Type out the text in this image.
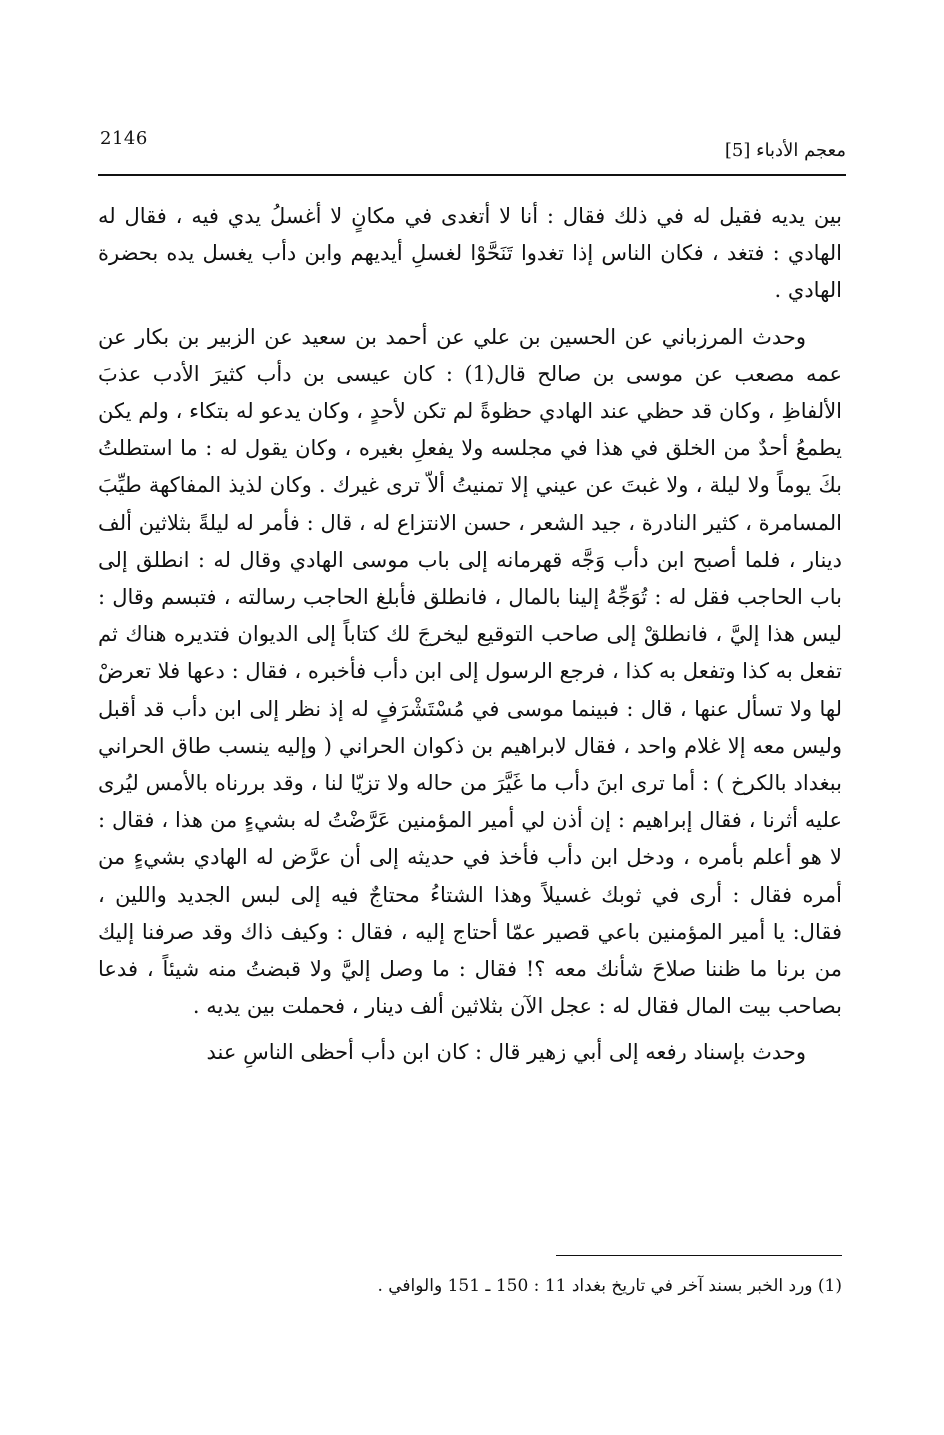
2146
معجم الأدباء [5]

بين يديه فقيل له في ذلك فقال : أنا لا أتغدى في مكانٍ لا أغسلُ يدي فيه ، فقال له الهادي : فتغد ، فكان الناس إذا تغدوا تَنَحَّوْا لغسلِ أيديهم وابن دأب يغسل يده بحضرة الهادي .

وحدث المرزباني عن الحسين بن علي عن أحمد بن سعيد عن الزبير بن بكار عن عمه مصعب عن موسى بن صالح قال(1) : كان عيسى بن دأب كثيرَ الأدب عذبَ الألفاظِ ، وكان قد حظي عند الهادي حظوةً لم تكن لأحدٍ ، وكان يدعو له بتكاء ، ولم يكن يطمعُ أحدٌ من الخلق في هذا في مجلسه ولا يفعلِ بغيره ، وكان يقول له : ما استطلتُ بكَ يوماً ولا ليلة ، ولا غبتَ عن عيني إلا تمنيتُ ألاّ ترى غيرك . وكان لذيذ المفاكهة طيِّبَ المسامرة ، كثير النادرة ، جيد الشعر ، حسن الانتزاع له ، قال : فأمر له ليلةً بثلاثين ألف دينار ، فلما أصبح ابن دأب وَجَّه قهرمانه إلى باب موسى الهادي وقال له : انطلق إلى باب الحاجب فقل له : تُوَجِّهُ إلينا بالمال ، فانطلق فأبلغ الحاجب رسالته ، فتبسم وقال : ليس هذا إليَّ ، فانطلقْ إلى صاحب التوقيع ليخرجَ لك كتاباً إلى الديوان فتديره هناك ثم تفعل به كذا وتفعل به كذا ، فرجع الرسول إلى ابن دأب فأخبره ، فقال : دعها فلا تعرضْ لها ولا تسأل عنها ، قال : فبينما موسى في مُسْتَشْرَفٍ له إذ نظر إلى ابن دأب قد أقبل وليس معه إلا غلام واحد ، فقال لابراهيم بن ذكوان الحراني ( وإليه ينسب طاق الحراني ببغداد بالكرخ ) : أما ترى ابنَ دأب ما غَيَّرَ من حاله ولا تزيّا لنا ، وقد بررناه بالأمس ليُرى عليه أثرنا ، فقال إبراهيم : إن أذن لي أمير المؤمنين عَرَّضْتُ له بشيءٍ من هذا ، فقال : لا هو أعلم بأمره ، ودخل ابن دأب فأخذ في حديثه إلى أن عرَّض له الهادي بشيءٍ من أمره فقال : أرى في ثوبك غسيلاً وهذا الشتاءُ محتاجٌ فيه إلى لبس الجديد واللين ، فقال: يا أمير المؤمنين باعي قصير عمّا أحتاج إليه ، فقال : وكيف ذاك وقد صرفنا إليك من برنا ما ظننا صلاحَ شأنك معه ؟! فقال : ما وصل إليَّ ولا قبضتُ منه شيئاً ، فدعا بصاحب بيت المال فقال له : عجل الآن بثلاثين ألف دينار ، فحملت بين يديه .

وحدث بإسناد رفعه إلى أبي زهير قال : كان ابن دأب أحظى الناسِ عند

(1) ورد الخبر بسند آخر في تاريخ بغداد 11 : 150 ـ 151 والوافي .
